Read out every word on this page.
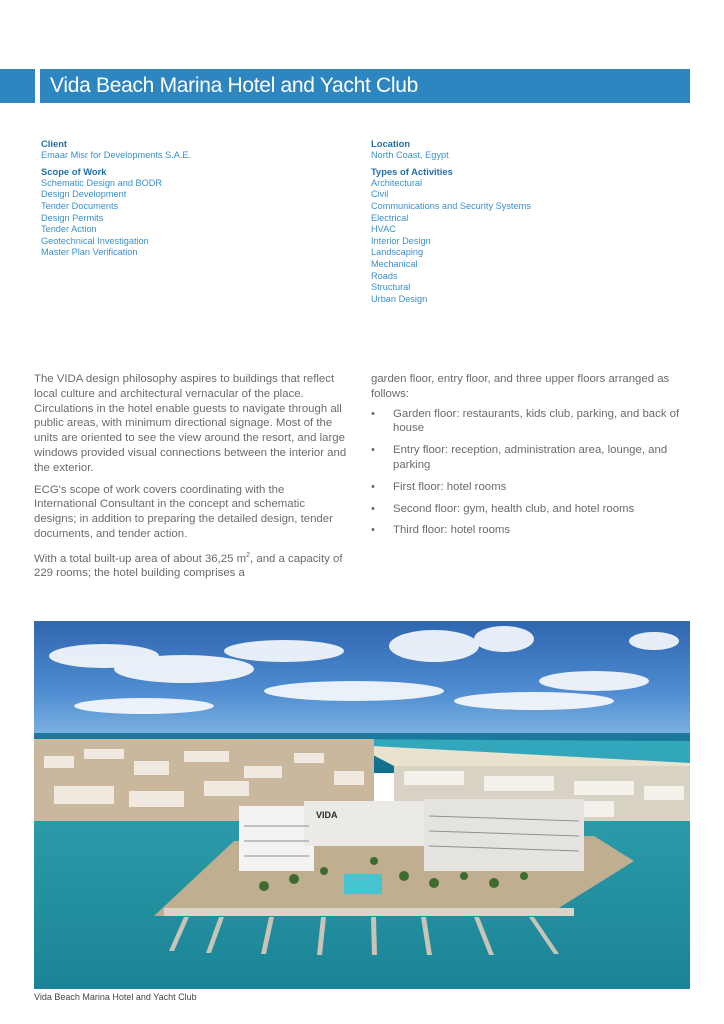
Vida Beach Marina Hotel and Yacht Club
Client
Emaar Misr for Developments S.A.E.
Scope of Work
Schematic Design and BODR
Design Development
Tender Documents
Design Permits
Tender Action
Geotechnical Investigation
Master Plan Verification
Location
North Coast, Egypt
Types of Activities
Architectural
Civil
Communications and Security Systems
Electrical
HVAC
Interior Design
Landscaping
Mechanical
Roads
Structural
Urban Design

The VIDA design philosophy aspires to buildings that reflect local culture and architectural vernacular of the place. Circulations in the hotel enable guests to navigate through all public areas, with minimum directional signage. Most of the units are oriented to see the view around the resort, and large windows provided visual connections between the interior and the exterior.

ECG's scope of work covers coordinating with the International Consultant in the concept and schematic designs; in addition to preparing the detailed design, tender documents, and tender action.

With a total built-up area of about 36,25 $m^2$, and a capacity of 229 rooms; the hotel building comprises a

garden floor, entry floor, and three upper floors arranged as follows:

• Garden floor: restaurants, kids club, parking, and back of house
• Entry floor: reception, administration area, lounge, and parking
• First floor: hotel rooms
• Second floor: gym, health club, and hotel rooms
• Third floor: hotel rooms
VIDA
Vida Beach Marina Hotel and Yacht Club
